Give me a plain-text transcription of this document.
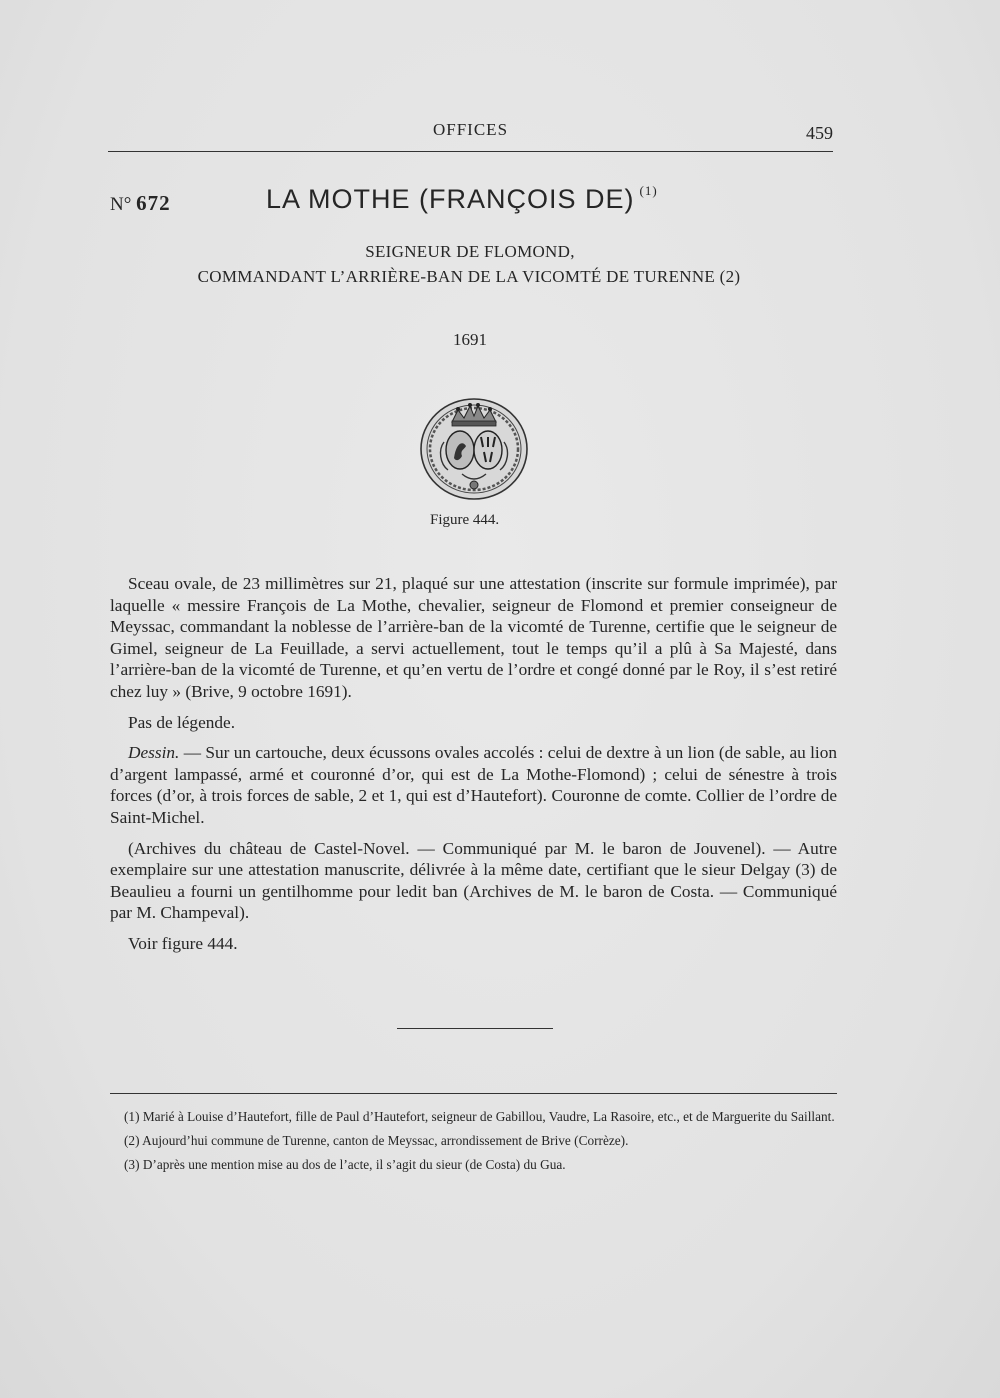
OFFICES	459
N° 672	LA MOTHE (FRANÇOIS DE) $^{(1)}$
SEIGNEUR DE FLOMOND,
COMMANDANT L’ARRIÈRE-BAN DE LA VICOMTÉ DE TURENNE (2)
1691
Figure 444.

Sceau ovale, de 23 millimètres sur 21, plaqué sur une attestation (inscrite sur formule imprimée), par laquelle « messire François de La Mothe, chevalier, seigneur de Flomond et premier conseigneur de Meyssac, commandant la noblesse de l’arrière-ban de la vicomté de Turenne, certifie que le seigneur de Gimel, seigneur de La Feuillade, a servi actuellement, tout le temps qu’il a plû à Sa Majesté, dans l’arrière-ban de la vicomté de Turenne, et qu’en vertu de l’ordre et congé donné par le Roy, il s’est retiré chez luy » (Brive, 9 octobre 1691).

Pas de légende.

Dessin. — Sur un cartouche, deux écussons ovales accolés : celui de dextre à un lion (de sable, au lion d’argent lampassé, armé et couronné d’or, qui est de La Mothe-Flomond) ; celui de sénestre à trois forces (d’or, à trois forces de sable, 2 et 1, qui est d’Hautefort). Couronne de comte. Collier de l’ordre de Saint-Michel.

(Archives du château de Castel-Novel. — Communiqué par M. le baron de Jouvenel). — Autre exemplaire sur une attestation manuscrite, délivrée à la même date, certifiant que le sieur Delgay (3) de Beaulieu a fourni un gentilhomme pour ledit ban (Archives de M. le baron de Costa. — Communiqué par M. Champeval).

Voir figure 444.

(1) Marié à Louise d’Hautefort, fille de Paul d’Hautefort, seigneur de Gabillou, Vaudre, La Rasoire, etc., et de Marguerite du Saillant.

(2) Aujourd’hui commune de Turenne, canton de Meyssac, arrondissement de Brive (Corrèze).

(3) D’après une mention mise au dos de l’acte, il s’agit du sieur (de Costa) du Gua.
